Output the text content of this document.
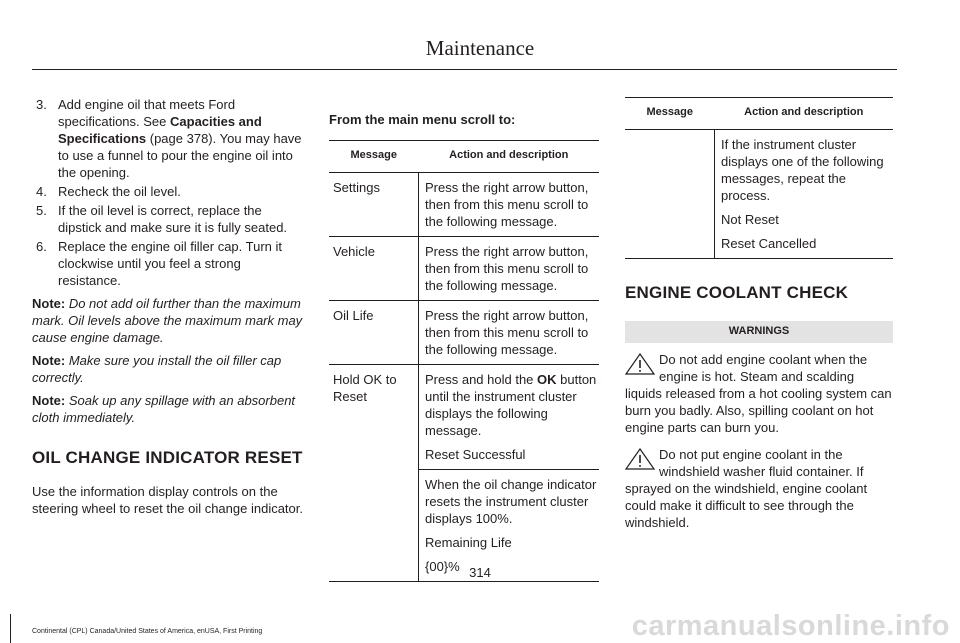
Maintenance
3. Add engine oil that meets Ford specifications. See Capacities and Specifications (page 378). You may have to use a funnel to pour the engine oil into the opening.
4. Recheck the oil level.
5. If the oil level is correct, replace the dipstick and make sure it is fully seated.
6. Replace the engine oil filler cap. Turn it clockwise until you feel a strong resistance.

Note: Do not add oil further than the maximum mark. Oil levels above the maximum mark may cause engine damage.

Note: Make sure you install the oil filler cap correctly.

Note: Soak up any spillage with an absorbent cloth immediately.

OIL CHANGE INDICATOR RESET
Use the information display controls on the steering wheel to reset the oil change indicator.
From the main menu scroll to:
Message	Action and description
Settings	Press the right arrow button, then from this menu scroll to the following message.
Vehicle	Press the right arrow button, then from this menu scroll to the following message.
Oil Life	Press the right arrow button, then from this menu scroll to the following message.
Hold OK to Reset	Press and hold the OK button until the instrument cluster displays the following message.

Reset Successful

	When the oil change indicator resets the instrument cluster displays 100%.

Remaining Life

{00}%

Message	Action and description

	If the instrument cluster displays one of the following messages, repeat the process.

Not Reset

Reset Cancelled

ENGINE COOLANT CHECK
WARNINGS

Do not add engine coolant when the engine is hot. Steam and scalding liquids released from a hot cooling system can burn you badly. Also, spilling coolant on hot engine parts can burn you.

Do not put engine coolant in the windshield washer fluid container. If sprayed on the windshield, engine coolant could make it difficult to see through the windshield.

314
Continental (CPL) Canada/United States of America, enUSA, First Printing	carmanualsonline.info
